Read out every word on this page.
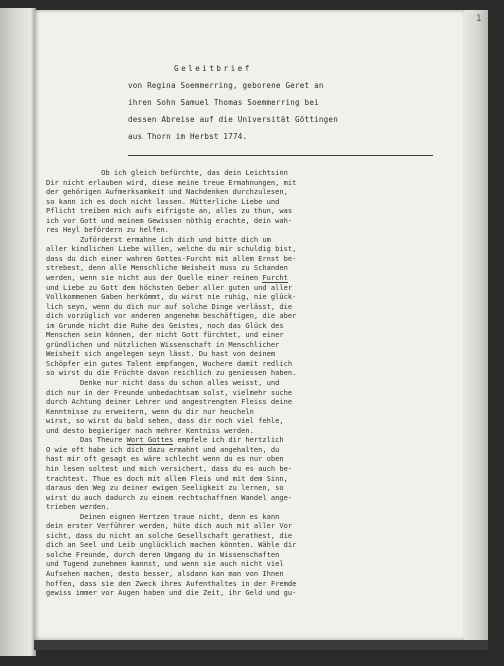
1
Geleitbrief
von Regina Soemmerring, geborene Geret an
ihren Sohn Samuel Thomas Soemmerring bei
dessen Abreise auf die Universität Göttingen
aus Thorn im Herbst 1774.
Ob ich gleich befürchte, das dein Leichtsinn
Dir nicht erlauben wird, diese meine treue Ermahnungen, mit
der gehörigen Aufmerksamkeit und Nachdenken durchzulesen,
so kann ich es doch nicht lassen. Mütterliche Liebe und
Pflicht treiben mich aufs eifrigste an, alles zu thun, was
ich vor Gott und meinem Gewissen nöthig erachte, dein wah-
res Heyl befördern zu helfen.
Zuförderst ermahne ich dich und bitte dich um
aller kindlichen Liebe willen, welche du mir schuldig bist,
dass du dich einer wahren Gottes-Furcht mit allem Ernst be-
strebest, denn alle Menschliche Weisheit muss zu Schanden
werden, wenn sie nicht aus der Quelle einer reinen Furcht
und Liebe zu Gott dem höchsten Geber aller guten und aller
Vollkommenen Gaben herkömmt, du wirst nie ruhig, nie glück-
lich seyn, wenn du dich nur auf solche Dinge verlässt, die
dich vorzüglich vor anderen angenehm beschäftigen, die aber
im Grunde nicht die Ruhe des Geistes, noch das Glück des
Menschen sein können, der nicht Gott fürchtet, und einer
gründlichen und nützlichen Wissenschaft in Menschlicher
Weisheit sich angelegen seyn lässt. Du hast von deinem
Schöpfer ein gutes Talent empfangen, Wuchere damit redlich
so wirst du die Früchte davon reichlich zu geniessen haben.
Denke nur nicht dass du schon alles weisst, und
dich nur in der Freunde unbedachtsam solst, vielmehr suche
durch Achtung deiner Lehrer und angestrengten Fleiss deine
Kenntnisse zu erweitern, wenn du dir nur heucheln
wirst, so wirst du bald sehen, dass dir noch viel fehle,
und desto begieriger nach mehrer Kentniss werden.
Das Theure Wort Gottes empfele ich dir hertzlich
O wie oft habe ich dich dazu ermahnt und angehalten, du
hast mir oft gesagt es wäre schlecht wenn du es nur oben
hin lesen soltest und mich versichert, dass du es auch be-
trachtest. Thue es doch mit allem Fleis und mit dem Sinn,
daraus den Weg zu deiner ewigen Seeligkeit zu lernen, so
wirst du auch dadurch zu einem rechtschaffnen Wandel ange-
trieben werden.
Deinen eignen Hertzen traue nicht, denn es kann
dein erster Verführer werden, hüte dich auch mit aller Vor
sicht, dass du nicht an solche Gesellschaft gerathest, die
dich an Seel und Leib unglücklich machen könnten. Wähle dir
solche Freunde, durch deren Umgang du in Wissenschaften
und Tugend zunehmen kannst, und wenn sie auch nicht viel
Aufsehen machen, desto besser, alsdann kan man von Ihnen
hoffen, dass sie den Zweck ihres Aufenthaltes in der Fremde
gewiss immer vor Augen haben und die Zeit, ihr Geld und gu-
